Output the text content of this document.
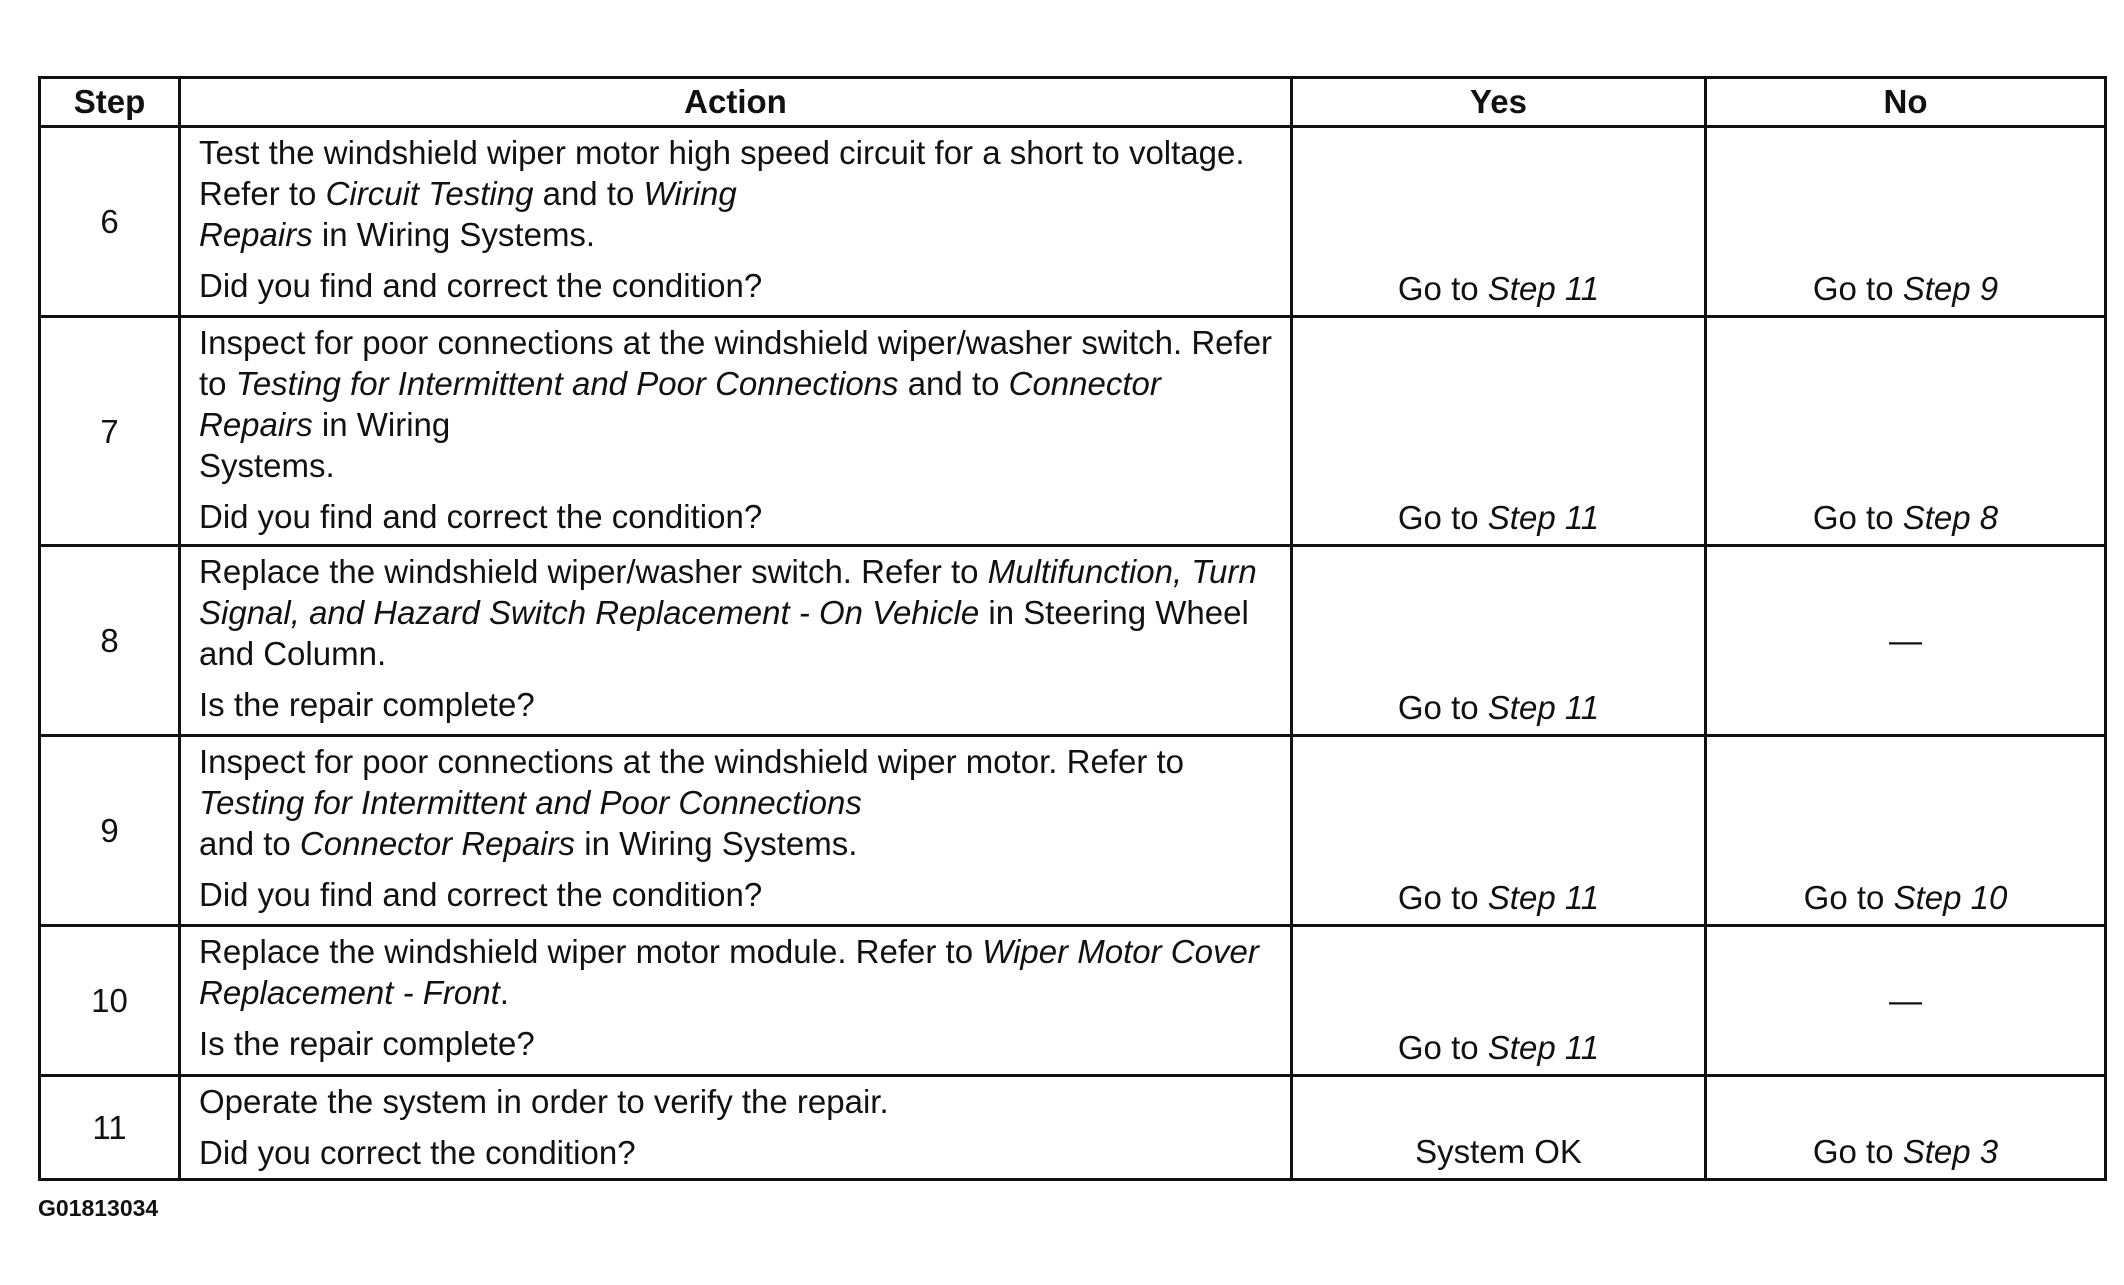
Step	Action	Yes	No
6	Test the windshield wiper motor high speed circuit for a short to voltage. Refer to Circuit Testing and to Wiring
Repairs in Wiring Systems.
Did you find and correct the condition?	Go to Step 11	Go to Step 9
7	Inspect for poor connections at the windshield wiper/washer switch. Refer to Testing for Intermittent and Poor Connections and to Connector Repairs in Wiring
Systems.
Did you find and correct the condition?	Go to Step 11	Go to Step 8
8	Replace the windshield wiper/washer switch. Refer to Multifunction, Turn Signal, and Hazard Switch Replacement - On Vehicle in Steering Wheel and Column.
Is the repair complete?	Go to Step 11	—
9	Inspect for poor connections at the windshield wiper motor. Refer to Testing for Intermittent and Poor Connections
and to Connector Repairs in Wiring Systems.
Did you find and correct the condition?	Go to Step 11	Go to Step 10
10	Replace the windshield wiper motor module. Refer to Wiper Motor Cover Replacement - Front.
Is the repair complete?	Go to Step 11	—
11	Operate the system in order to verify the repair.
Did you correct the condition?	System OK	Go to Step 3
G01813034
